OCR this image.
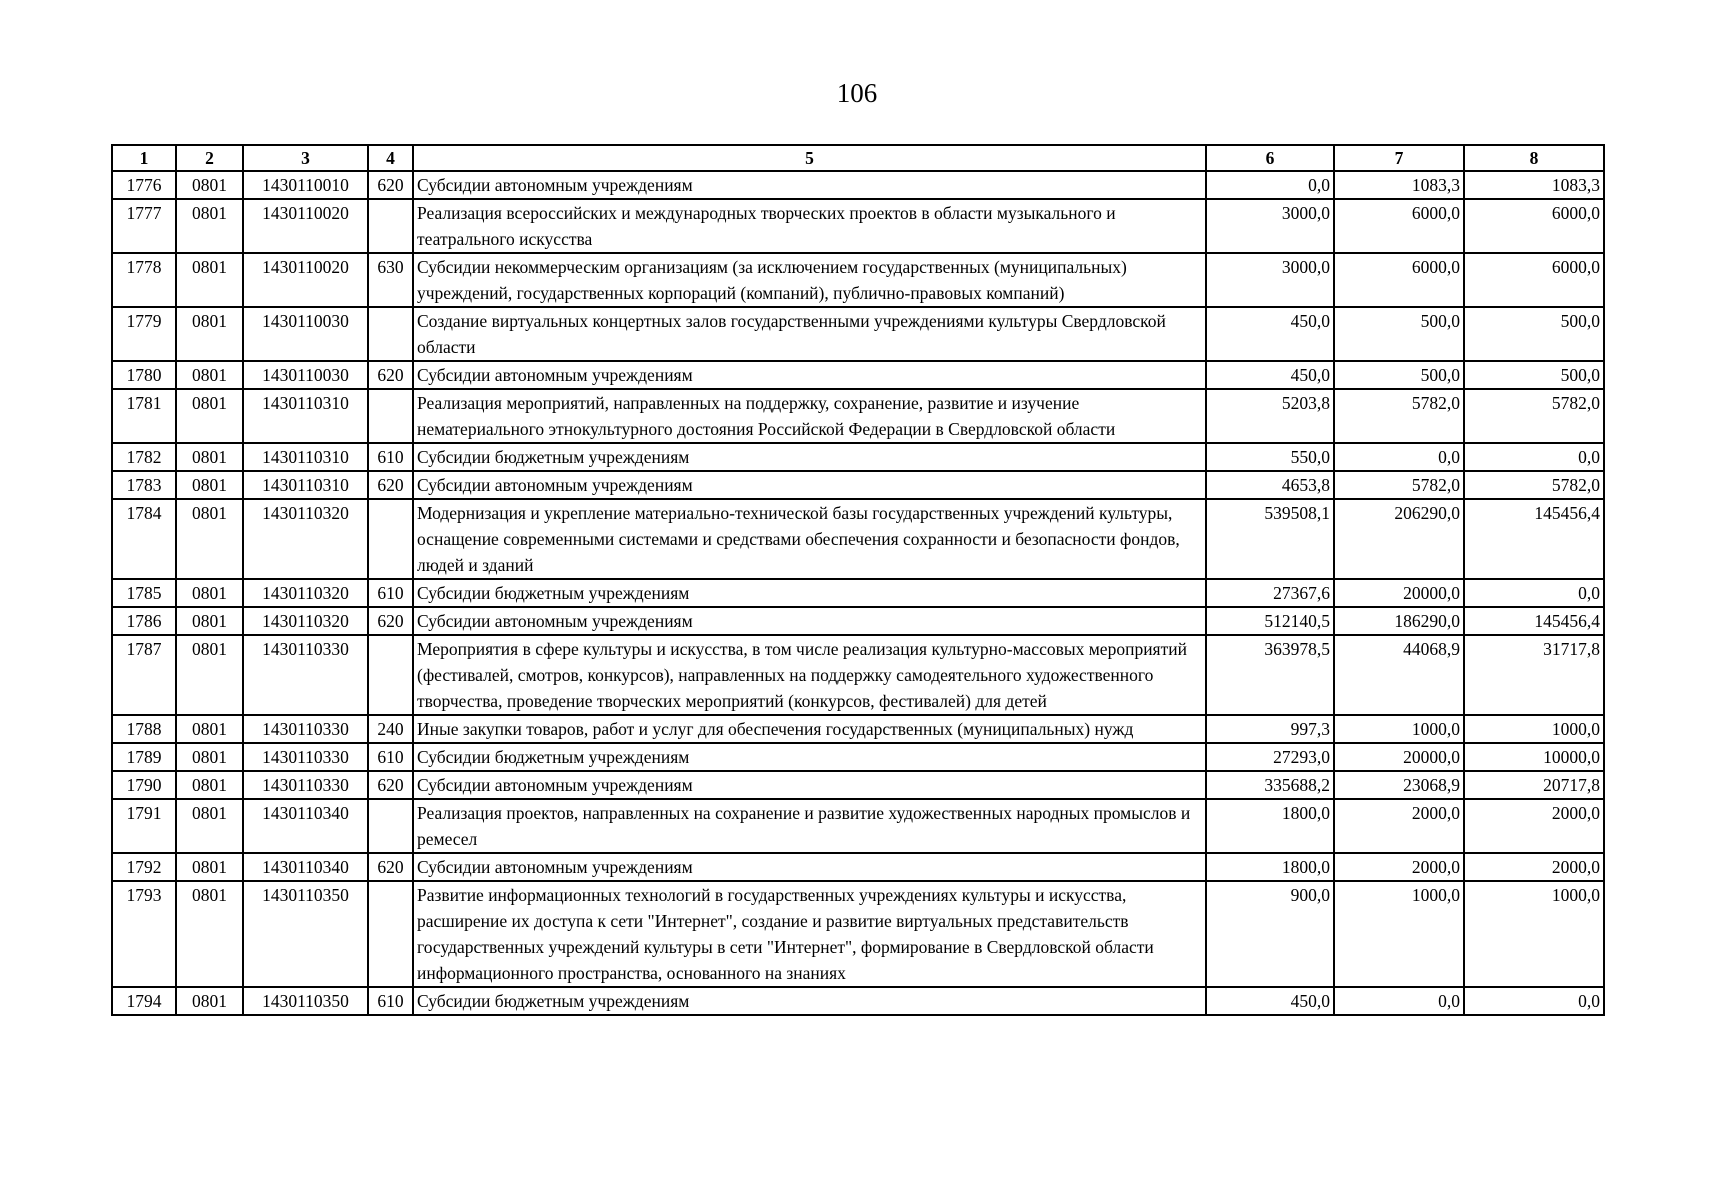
106
1	2	3	4	5	6	7	8
1776	0801	1430110010	620	Субсидии автономным учреждениям	0,0	1083,3	1083,3
1777	0801	1430110020		Реализация всероссийских и международных творческих проектов в области музыкального и театрального искусства	3000,0	6000,0	6000,0
1778	0801	1430110020	630	Субсидии некоммерческим организациям (за исключением государственных (муниципальных) учреждений, государственных корпораций (компаний), публично-правовых компаний)	3000,0	6000,0	6000,0
1779	0801	1430110030		Создание виртуальных концертных залов государственными учреждениями культуры Свердловской области	450,0	500,0	500,0
1780	0801	1430110030	620	Субсидии автономным учреждениям	450,0	500,0	500,0
1781	0801	1430110310		Реализация мероприятий, направленных на поддержку, сохранение, развитие и изучение нематериального этнокультурного достояния Российской Федерации в Свердловской области	5203,8	5782,0	5782,0
1782	0801	1430110310	610	Субсидии бюджетным учреждениям	550,0	0,0	0,0
1783	0801	1430110310	620	Субсидии автономным учреждениям	4653,8	5782,0	5782,0
1784	0801	1430110320		Модернизация и укрепление материально-технической базы государственных учреждений культуры, оснащение современными системами и средствами обеспечения сохранности и безопасности фондов, людей и зданий	539508,1	206290,0	145456,4
1785	0801	1430110320	610	Субсидии бюджетным учреждениям	27367,6	20000,0	0,0
1786	0801	1430110320	620	Субсидии автономным учреждениям	512140,5	186290,0	145456,4
1787	0801	1430110330		Мероприятия в сфере культуры и искусства, в том числе реализация культурно-массовых мероприятий (фестивалей, смотров, конкурсов), направленных на поддержку самодеятельного художественного творчества, проведение творческих мероприятий (конкурсов, фестивалей) для детей	363978,5	44068,9	31717,8
1788	0801	1430110330	240	Иные закупки товаров, работ и услуг для обеспечения государственных (муниципальных) нужд	997,3	1000,0	1000,0
1789	0801	1430110330	610	Субсидии бюджетным учреждениям	27293,0	20000,0	10000,0
1790	0801	1430110330	620	Субсидии автономным учреждениям	335688,2	23068,9	20717,8
1791	0801	1430110340		Реализация проектов, направленных на сохранение и развитие художественных народных промыслов и ремесел	1800,0	2000,0	2000,0
1792	0801	1430110340	620	Субсидии автономным учреждениям	1800,0	2000,0	2000,0
1793	0801	1430110350		Развитие информационных технологий в государственных учреждениях культуры и искусства, расширение их доступа к сети "Интернет", создание и развитие виртуальных представительств государственных учреждений культуры в сети "Интернет", формирование в Свердловской области информационного пространства, основанного на знаниях	900,0	1000,0	1000,0
1794	0801	1430110350	610	Субсидии бюджетным учреждениям	450,0	0,0	0,0
